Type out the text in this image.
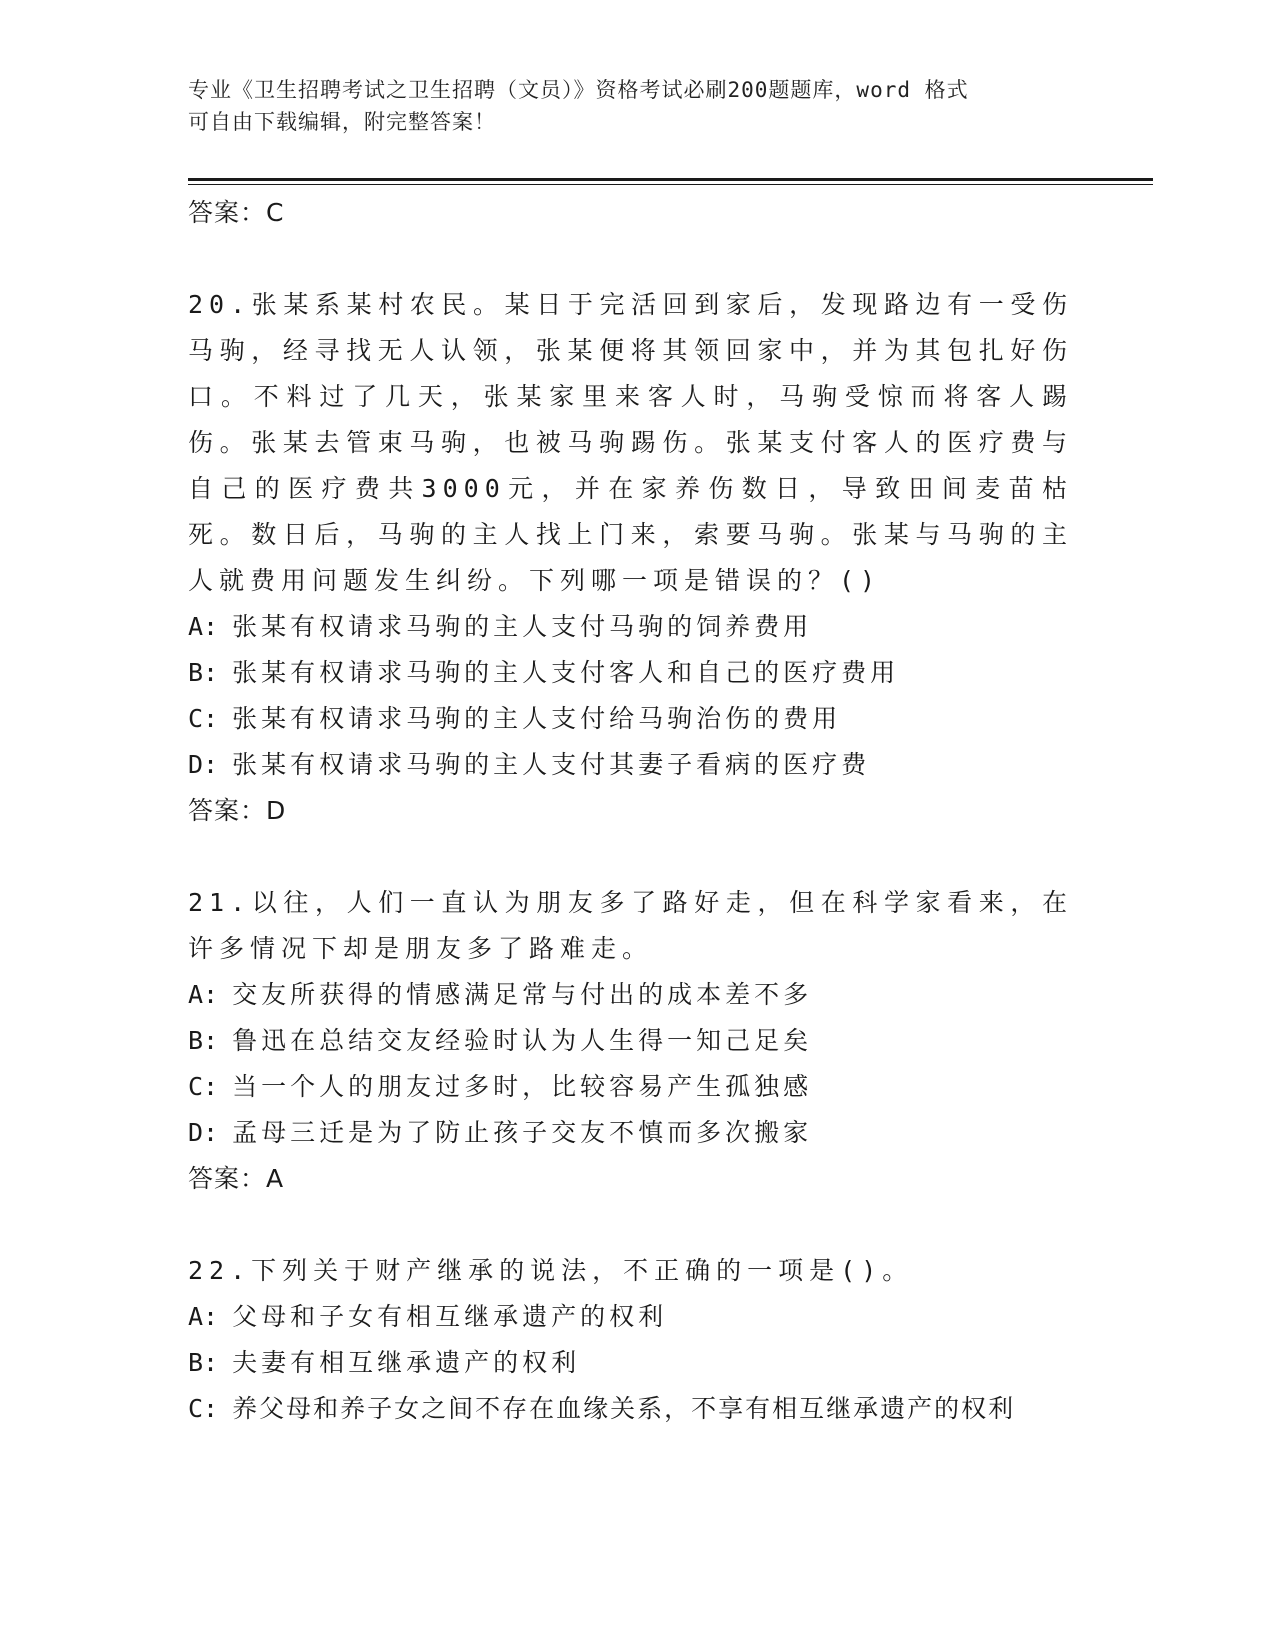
专业《卫生招聘考试之卫生招聘（文员）》资格考试必刷200题题库，word 格式
可自由下载编辑，附完整答案！

答案：C

20.张某系某村农民。某日于完活回到家后，发现路边有一受伤马驹，经寻找无人认领，张某便将其领回家中，并为其包扎好伤口。不料过了几天，张某家里来客人时，马驹受惊而将客人踢伤。张某去管束马驹，也被马驹踢伤。张某支付客人的医疗费与自己的医疗费共3000元，并在家养伤数日，导致田间麦苗枯死。数日后，马驹的主人找上门来，索要马驹。张某与马驹的主人就费用问题发生纠纷。下列哪一项是错误的？()

A: 张某有权请求马驹的主人支付马驹的饲养费用

B: 张某有权请求马驹的主人支付客人和自己的医疗费用

C: 张某有权请求马驹的主人支付给马驹治伤的费用

D: 张某有权请求马驹的主人支付其妻子看病的医疗费

答案：D

21.以往，人们一直认为朋友多了路好走，但在科学家看来，在许多情况下却是朋友多了路难走。

A: 交友所获得的情感满足常与付出的成本差不多

B: 鲁迅在总结交友经验时认为人生得一知己足矣

C: 当一个人的朋友过多时，比较容易产生孤独感

D: 孟母三迁是为了防止孩子交友不慎而多次搬家

答案：A

22.下列关于财产继承的说法，不正确的一项是()。

A: 父母和子女有相互继承遗产的权利

B: 夫妻有相互继承遗产的权利

C: 养父母和养子女之间不存在血缘关系，不享有相互继承遗产的权利
